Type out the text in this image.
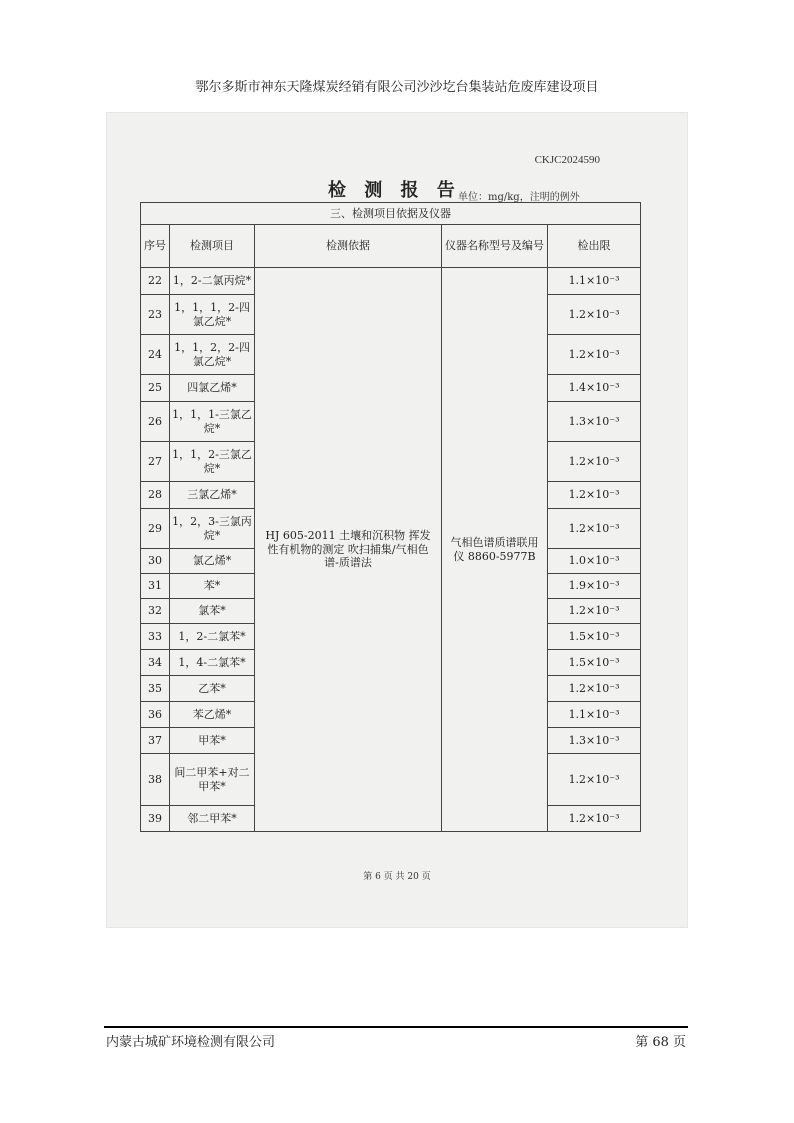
鄂尔多斯市神东天隆煤炭经销有限公司沙沙圪台集装站危废库建设项目
CKJC2024590
检 测 报 告
单位：mg/kg，注明的例外
三、检测项目依据及仪器				
序号	检测项目	检测依据	仪器名称型号及编号	检出限
22	1，2-二氯丙烷*	HJ 605-2011 土壤和沉积物 挥发性有机物的测定 吹扫捕集/气相色谱-质谱法	气相色谱质谱联用仪 8860-5977B	1.1×10⁻³
23	1，1，1，2-四氯乙烷*			1.2×10⁻³
24	1，1，2，2-四氯乙烷*			1.2×10⁻³
25	四氯乙烯*			1.4×10⁻³
26	1，1，1-三氯乙烷*			1.3×10⁻³
27	1，1，2-三氯乙烷*			1.2×10⁻³
28	三氯乙烯*			1.2×10⁻³
29	1，2，3-三氯丙烷*			1.2×10⁻³
30	氯乙烯*			1.0×10⁻³
31	苯*			1.9×10⁻³
32	氯苯*			1.2×10⁻³
33	1，2-二氯苯*			1.5×10⁻³
34	1，4-二氯苯*			1.5×10⁻³
35	乙苯*			1.2×10⁻³
36	苯乙烯*			1.1×10⁻³
37	甲苯*			1.3×10⁻³
38	间二甲苯+对二甲苯*			1.2×10⁻³
39	邻二甲苯*			1.2×10⁻³
第 6 页 共 20 页
内蒙古城矿环境检测有限公司	第 68 页
